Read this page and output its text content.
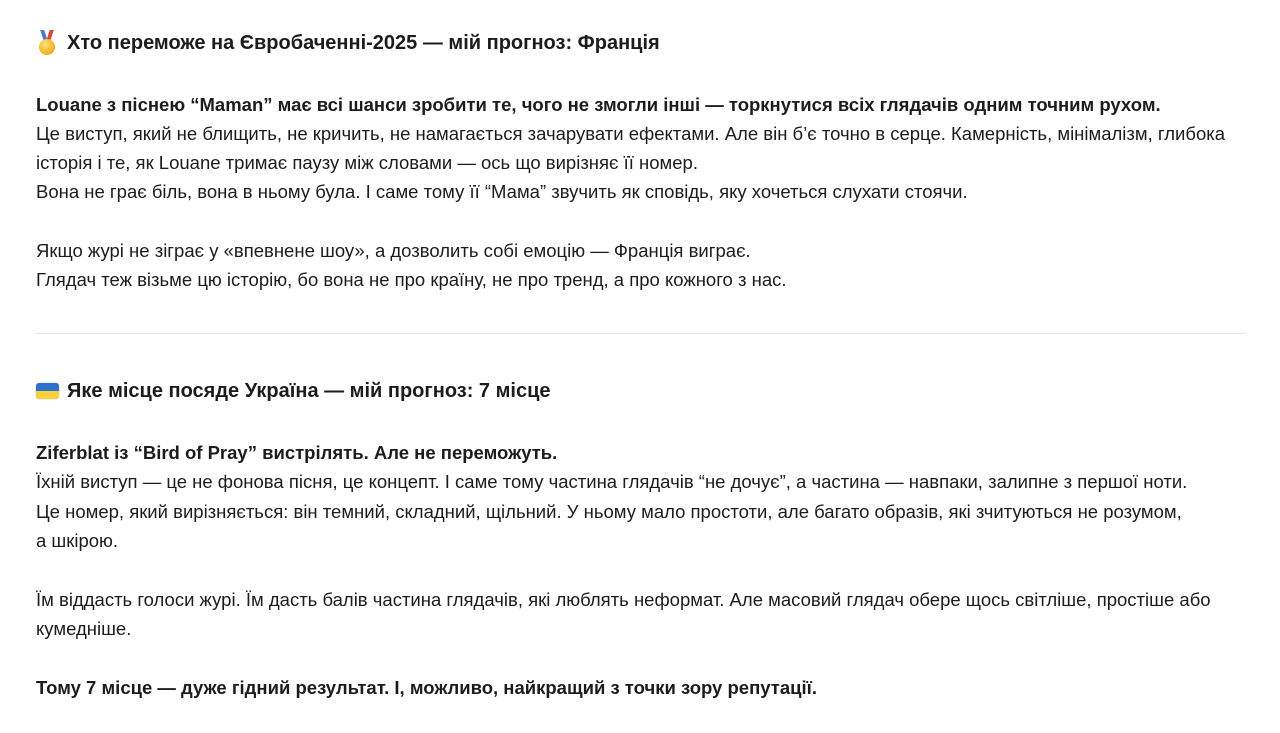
Хто переможе на Євробаченні-2025 — мій прогноз: Франція
Louane з піснею “Maman” має всі шанси зробити те, чого не змогли інші — торкнутися всіх глядачів одним точним рухом.
Це виступ, який не блищить, не кричить, не намагається зачарувати ефектами. Але він б’є точно в серце. Камерність, мінімалізм, глибока
історія і те, як Louane тримає паузу між словами — ось що вирізняє її номер.
Вона не грає біль, вона в ньому була. І саме тому її “Мама” звучить як сповідь, яку хочеться слухати стоячи.
Якщо журі не зіграє у «впевнене шоу», а дозволить собі емоцію — Франція виграє.
Глядач теж візьме цю історію, бо вона не про країну, не про тренд, а про кожного з нас.
Яке місце посяде Україна — мій прогноз: 7 місце
Ziferblat із “Bird of Pray” вистрілять. Але не переможуть.
Їхній виступ — це не фонова пісня, це концепт. І саме тому частина глядачів “не дочує”, а частина — навпаки, залипне з першої ноти.
Це номер, який вирізняється: він темний, складний, щільний. У ньому мало простоти, але багато образів, які зчитуються не розумом,
а шкірою.
Їм віддасть голоси журі. Їм дасть балів частина глядачів, які люблять неформат. Але масовий глядач обере щось світліше, простіше або
кумедніше.
Тому 7 місце — дуже гідний результат. І, можливо, найкращий з точки зору репутації.
